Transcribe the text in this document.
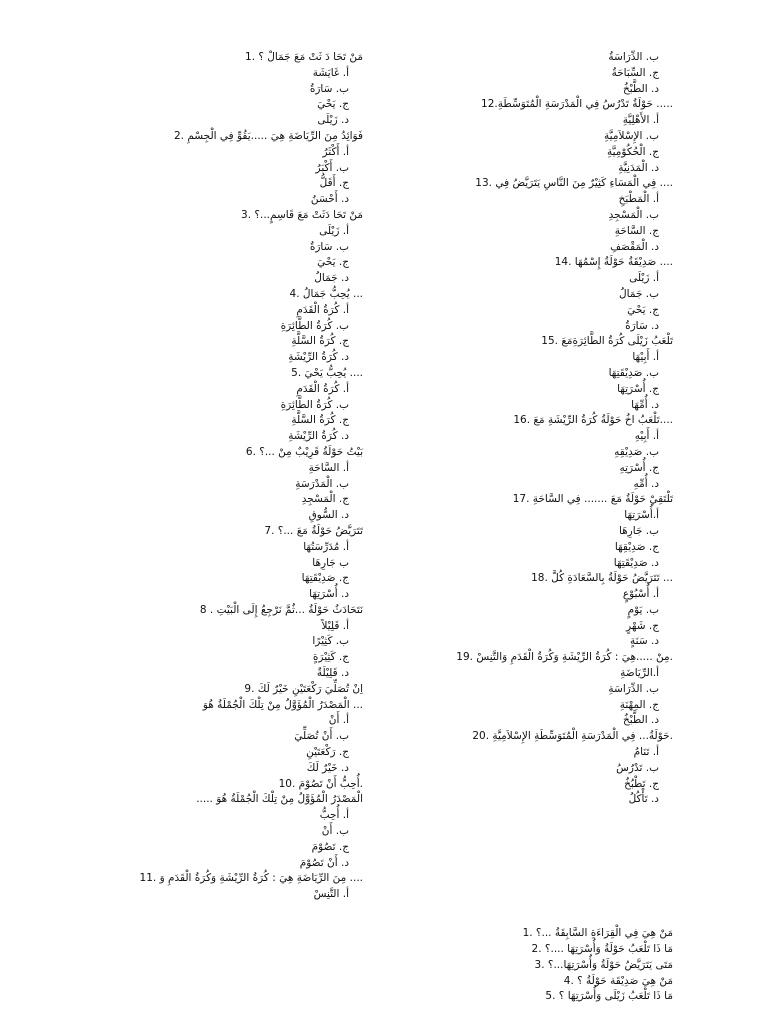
مَنْ تَحَا دَ ثَتْ مَعَ جَمَالْ ؟ .1
أ. غَايَشَة
ب. سَارَةُ
ج. يَحْيَ
د. زَيْلَى
فَوَائِدُ مِنَ الرِّيَاضَةِ هِيَ .....يَقُوِّ فِي الْجِسْمِ .2
أ. أَكْثَرُ
ب. أَكْبَرُ
ج. أَقَلُّ
د. أَحْسَنُ
مَنْ تَحَا دَثَتْ مَعَ قَاسِمٍ...؟ .3
أ. زَيْلَى
ب. سَارَةُ
ج. يَحْيَ
د. جَمَالُ
... يُحِبُّ جَمَالُ .4
أ. كُرَةُ الْقَدَمِ
ب. كُرَةُ الطَّائِرَةِ
ج. كُرَةُ السَّلَّةِ
د. كُرَةُ الرِّيْشَةِ
.... يُحِبُّ يَحْيَ .5
أ. كُرَةُ الْقَدَمِ
ب. كُرَةُ الطَّائِرَةِ
ج. كُرَةُ السَّلَّةِ
د. كُرَةُ الرِّيْشَةِ
بَيْتُ حَوْلَةُ قَرِيْبٌ مِنْ ...؟ .6
أ. السَّاحَةِ
ب. الْمَدْرَسَةِ
ج. الْمَسْجِدِ
د. السُّوقِ
تَتَرَيَّضُ حَوْلَةُ مَعَ ...؟ .7
أ. مُدَرِّسَتُهَا
ب جَارِهَا
ج. صَدِيْقَتِهَا
د. أُسْرَتِهَا
نَتَحَادَثُ حَوْلَةُ ...ثُمَّ نَرْجِعُ إِلَى الْبَيْتِ . 8
أ. قَلِيْلاً
ب. كَثِيْرًا
ج. كَثِيْرَةٍ
د. قَلِيْلَةٌ
اِنْ تُصَلِّيَ رَكْعَتَيْنِ خَيْرٌ لَكَ .9
... الْمَصْدَرُ الْمُؤَوَّلُ مِنْ تِلْكَ الْجُمْلَةُ هُوَ
أ. أَنْ
ب. أَنْ تُصَلِّيَ
ج. رَكْعَتَيْنِ
د. خَيْرٌ لَكَ
.أُحِبُّ أَنْ تَصُوْمَ .10
الْمَصْدَرُ الْمُؤَوَّلُ مِنْ تِلْكَ الْجُمْلَةُ هُوَ .....
أ. أُحِبُّ
ب. أَنْ
ج. تَصُوْمَ
د. أَنْ تَصُوْمَ
.... مِنَ الرِّيَاضَةِ هِيَ : كُرَةُ الرِّيْشَةِ وَكُرَةُ الْقَدَمِ وَ .11
أ. التَّنِسْ
ب. الدِّرَاسَةُ
ج. السِّبَاحَةُ
د. الطَّبْخُ
..... حَوْلَةُ تَدْرُسُ فِي الْمَدْرَسَةِ الْمُتَوَسِّطَةِ.12
أ. الأَهْلِيَّةِ
ب. الإِسْلاَمِيَّةِ
ج. الْحُكُوْمِيَّةِ
د. الْمَدَنِيَّةِ
.... فِي الْمَسَاءِ كَثِيْرٌ مِنَ النَّاسِ يَتَرَيَّضُ فِي .13
أ. الْمَطْبَخِ
ب. الْمَسْجِدِ
ج. السَّاحَةِ
د. الْمَقْصَفِ
.... صَدِيْقَةُ حَوْلَةُ إِسْمُهَا .14
أ. زَيْلَى
ب. جَمَالُ
ج. يَحْيَ
د. سَارَةُ
تَلْعَبُ زَيْلَى كُرَةُ الطَّائِرَةِمَعَ .15
أ. أَبِيْهَا
ب. صَدِيْقَتِهَا
ج. أُسْرَتِهَا
د. أُمِّهَا
....تَلْعَبُ اخُ حَوْلَةُ كُرَةُ الرِّيْشَةِ مَعَ .16
أ. أَبِيْهِ
ب. صَدِيْقِهِ
ج. أُسْرَتِهِ
د. أُمِّهِ
تَلْتَقِيْ حَوْلَةُ مَعَ ....... فِي السَّاحَةِ .17
أ.أُسْرَتِهَا
ب. جَارِهَا
ج. صَدِيْقِهَا
د. صَدِيْقَتِهَا
... تَتَرَيَّضُ حَوْلَةُ بِالسَّعَادَةِ كُلَّ .18
أ. أُسْبُوْعٍ
ب. يَوْمٍ
ج. شَهْرٍ
د. سَنَةٍ
.مِنْ .....هِيَ : كُرَةُ الرِّيْشَةِ وَكُرَةُ الْقَدَمِ وَالتَّنِسْ .19
أ.الرِّيَاضَةِ
ب. الدِّرَاسَةِ
ج. المِهْنَةِ
د. الطَّبْخُ
.حَوْلَةُ... فِي الْمَدْرَسَةِ الْمُتَوَسِّطَةِ الإِسْلاَمِيَّةِ .20
أ. تَنَامُ
ب. تَدْرُسُ
ج. تَطْبُخُ
د. تَأْكُلُ
مَنْ هِيَ فِي الْقِرَاءَةِ السَّابِقَةُ ...؟ .1
مَا ذَا تَلْعَبُ حَوْلَةُ وَأُسْرَتِهَا ....؟ .2
مَتَى يَتَرَيَّضُ حَوْلَةُ وَأُسْرَتِهَا...؟ .3
مَنْ هِيَ صَدِيْقَة حَوْلَةُ ؟ .4
مَا ذَا تَلْعَبُ زَيْلَى وَأُسْرَتِهَا ؟ .5
